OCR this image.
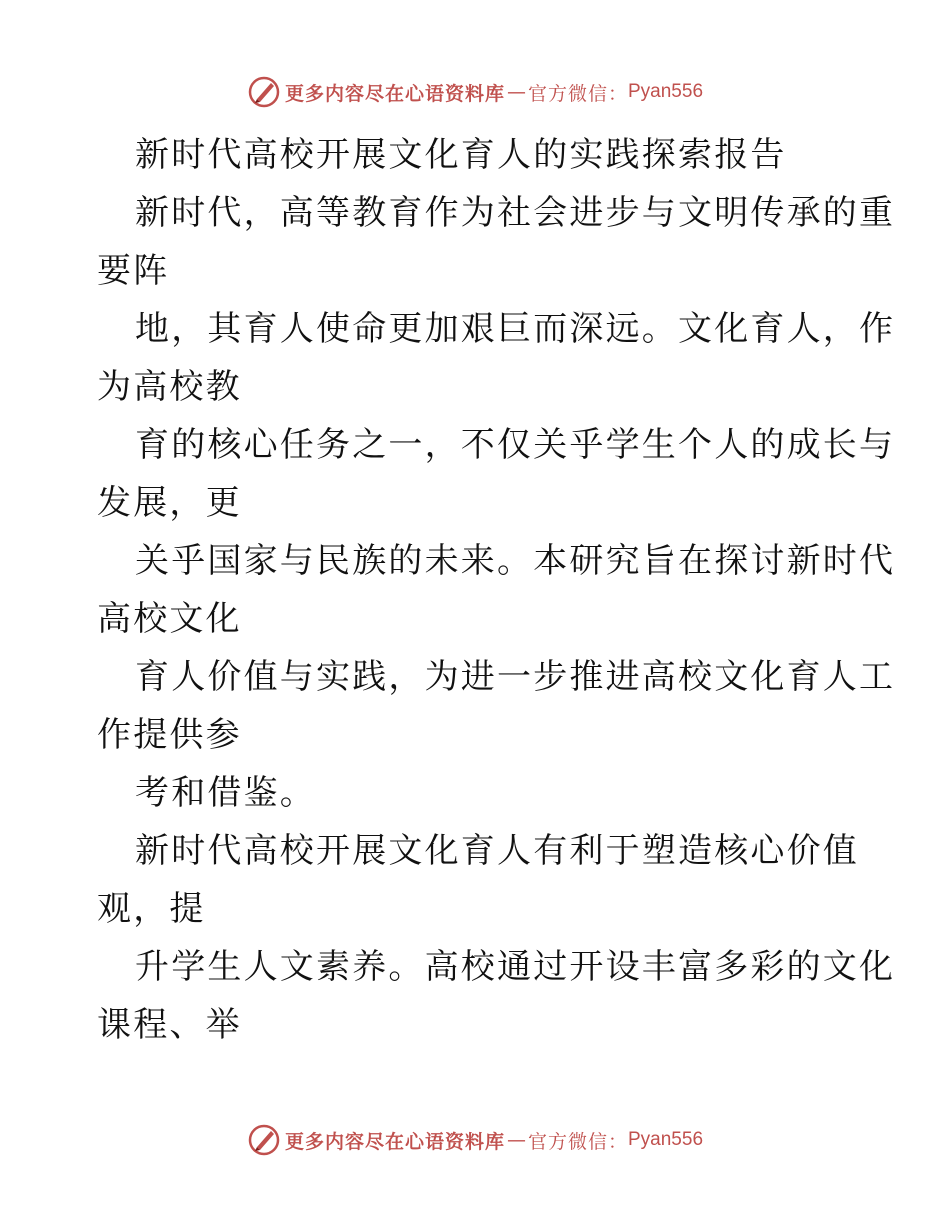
更多内容尽在心语资料库 — 官方微信： Pyan556
新时代高校开展文化育人的实践探索报告
新时代，高等教育作为社会进步与文明传承的重
要阵
地，其育人使命更加艰巨而深远。文化育人，作
为高校教
育的核心任务之一，不仅关乎学生个人的成长与
发展，更
关乎国家与民族的未来。本研究旨在探讨新时代
高校文化
育人价值与实践，为进一步推进高校文化育人工
作提供参
考和借鉴。
新时代高校开展文化育人有利于塑造核心价值
观，提
升学生人文素养。高校通过开设丰富多彩的文化
课程、举
更多内容尽在心语资料库 — 官方微信： Pyan556
